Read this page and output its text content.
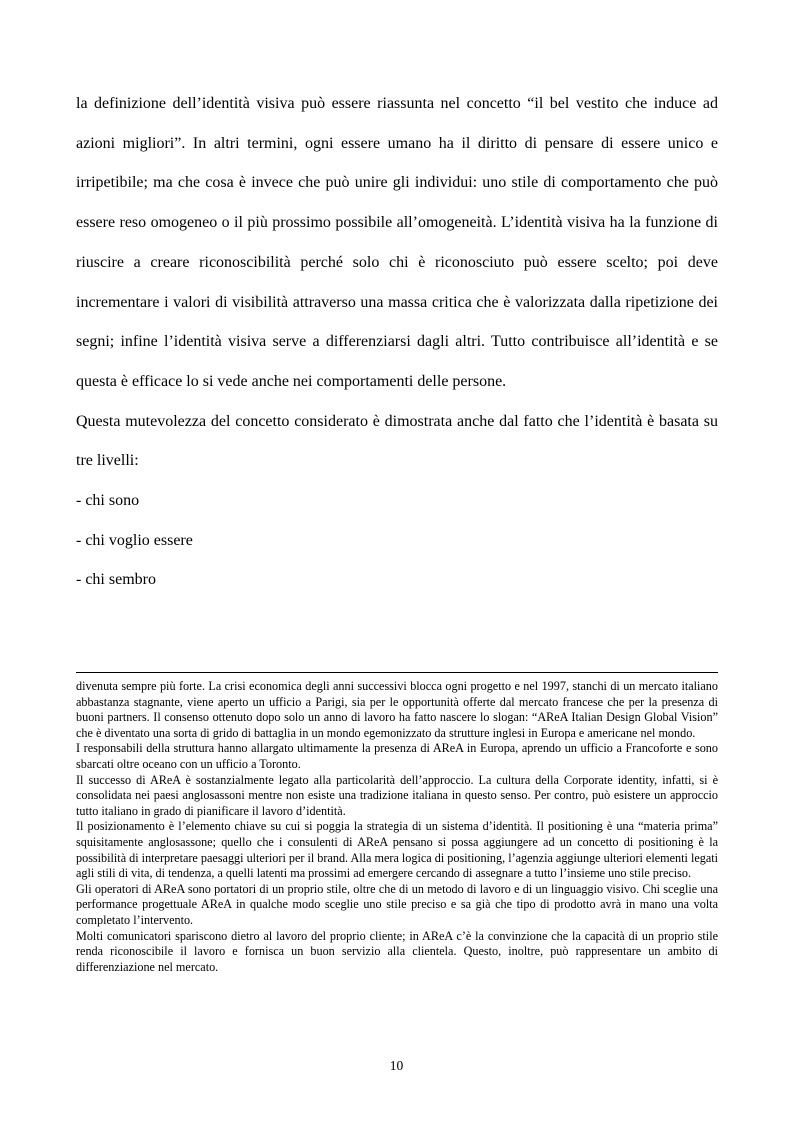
la definizione dell’identità visiva può essere riassunta nel concetto “il bel vestito che induce ad azioni migliori”. In altri termini, ogni essere umano ha il diritto di pensare di essere unico e irripetibile; ma che cosa è invece che può unire gli individui: uno stile di comportamento che può essere reso omogeneo o il più prossimo possibile all’omogeneità. L’identità visiva ha la funzione di riuscire a creare riconoscibilità perché solo chi è riconosciuto può essere scelto; poi deve incrementare i valori di visibilità attraverso una massa critica che è valorizzata dalla ripetizione dei segni; infine l’identità visiva serve a differenziarsi dagli altri. Tutto contribuisce all’identità e se questa è efficace lo si vede anche nei comportamenti delle persone.

Questa mutevolezza del concetto considerato è dimostrata anche dal fatto che l’identità è basata su tre livelli:

- chi sono

- chi voglio essere

- chi sembro

divenuta sempre più forte. La crisi economica degli anni successivi blocca ogni progetto e nel 1997, stanchi di un mercato italiano abbastanza stagnante, viene aperto un ufficio a Parigi, sia per le opportunità offerte dal mercato francese che per la presenza di buoni partners. Il consenso ottenuto dopo solo un anno di lavoro ha fatto nascere lo slogan: “AReA Italian Design Global Vision” che è diventato una sorta di grido di battaglia in un mondo egemonizzato da strutture inglesi in Europa e americane nel mondo.

I responsabili della struttura hanno allargato ultimamente la presenza di AReA in Europa, aprendo un ufficio a Francoforte e sono sbarcati oltre oceano con un ufficio a Toronto.

Il successo di AReA è sostanzialmente legato alla particolarità dell’approccio. La cultura della Corporate identity, infatti, si è consolidata nei paesi anglosassoni mentre non esiste una tradizione italiana in questo senso. Per contro, può esistere un approccio tutto italiano in grado di pianificare il lavoro d’identità.

Il posizionamento è l’elemento chiave su cui si poggia la strategia di un sistema d’identità. Il positioning è una “materia prima” squisitamente anglosassone; quello che i consulenti di AReA pensano si possa aggiungere ad un concetto di positioning è la possibilità di interpretare paesaggi ulteriori per il brand. Alla mera logica di positioning, l’agenzia aggiunge ulteriori elementi legati agli stili di vita, di tendenza, a quelli latenti ma prossimi ad emergere cercando di assegnare a tutto l’insieme uno stile preciso.

Gli operatori di AReA sono portatori di un proprio stile, oltre che di un metodo di lavoro e di un linguaggio visivo. Chi sceglie una performance progettuale AReA in qualche modo sceglie uno stile preciso e sa già che tipo di prodotto avrà in mano una volta completato l’intervento.

Molti comunicatori spariscono dietro al lavoro del proprio cliente; in AReA c’è la convinzione che la capacità di un proprio stile renda riconoscibile il lavoro e fornisca un buon servizio alla clientela. Questo, inoltre, può rappresentare un ambito di differenziazione nel mercato.

10
